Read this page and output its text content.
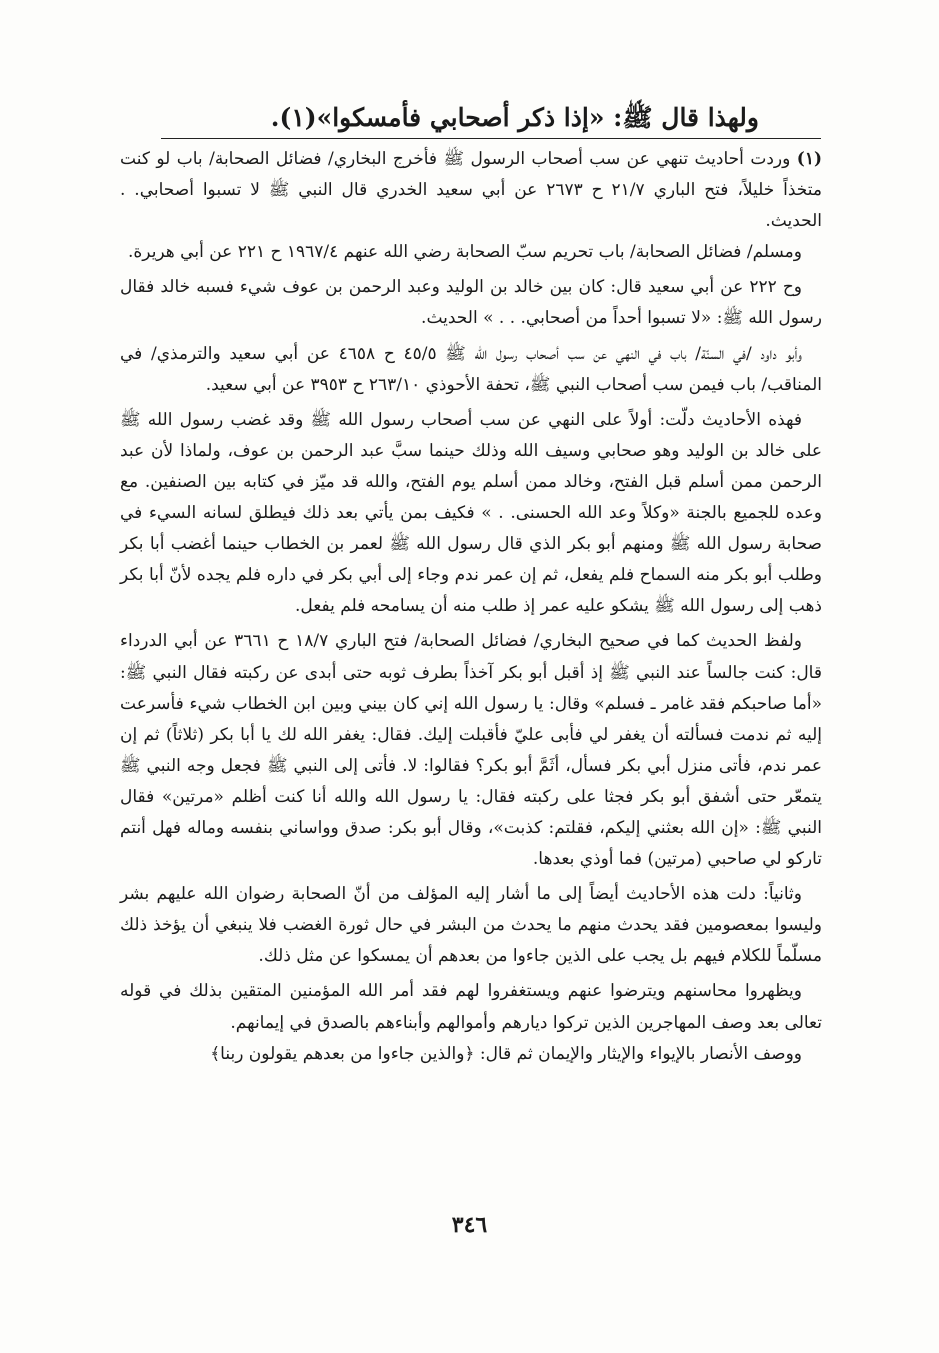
ولهذا قال ﷺ: «إذا ذكر أصحابي فأمسكوا»(١).

(١) وردت أحاديث تنهي عن سب أصحاب الرسول ﷺ فأخرج البخاري/ فضائل الصحابة/ باب لو كنت متخذاً خليلاً، فتح الباري ٢١/٧ ح ٢٦٧٣ عن أبي سعيد الخدري قال النبي ﷺ لا تسبوا أصحابي. . الحديث.

ومسلم/ فضائل الصحابة/ باب تحريم سبّ الصحابة رضي الله عنهم ١٩٦٧/٤ ح ٢٢١ عن أبي هريرة.

وح ٢٢٢ عن أبي سعيد قال: كان بين خالد بن الوليد وعبد الرحمن بن عوف شيء فسبه خالد فقال رسول الله ﷺ: «لا تسبوا أحداً من أصحابي. . . » الحديث.

وأبو داود /في السنّة/ باب في النهي عن سب أصحاب رسول الله ﷺ ٤٥/٥ ح ٤٦٥٨ عن أبي سعيد والترمذي/ في المناقب/ باب فيمن سب أصحاب النبي ﷺ، تحفة الأحوذي ٢٦٣/١٠ ح ٣٩٥٣ عن أبي سعيد.

فهذه الأحاديث دلّت: أولاً على النهي عن سب أصحاب رسول الله ﷺ وقد غضب رسول الله ﷺ على خالد بن الوليد وهو صحابي وسيف الله وذلك حينما سبَّ عبد الرحمن بن عوف، ولماذا لأن عبد الرحمن ممن أسلم قبل الفتح، وخالد ممن أسلم يوم الفتح، والله قد ميّز في كتابه بين الصنفين. مع وعده للجميع بالجنة «وكلاً وعد الله الحسنى. . » فكيف بمن يأتي بعد ذلك فيطلق لسانه السيء في صحابة رسول الله ﷺ ومنهم أبو بكر الذي قال رسول الله ﷺ لعمر بن الخطاب حينما أغضب أبا بكر وطلب أبو بكر منه السماح فلم يفعل، ثم إن عمر ندم وجاء إلى أبي بكر في داره فلم يجده لأنّ أبا بكر ذهب إلى رسول الله ﷺ يشكو عليه عمر إذ طلب منه أن يسامحه فلم يفعل.

ولفظ الحديث كما في صحيح البخاري/ فضائل الصحابة/ فتح الباري ١٨/٧ ح ٣٦٦١ عن أبي الدرداء قال: كنت جالساً عند النبي ﷺ إذ أقبل أبو بكر آخذاً بطرف ثوبه حتى أبدى عن ركبته فقال النبي ﷺ: «أما صاحبكم فقد غامر ـ فسلم» وقال: يا رسول الله إني كان بيني وبين ابن الخطاب شيء فأسرعت إليه ثم ندمت فسألته أن يغفر لي فأبى عليّ فأقبلت إليك. فقال: يغفر الله لك يا أبا بكر (ثلاثاً) ثم إن عمر ندم، فأتى منزل أبي بكر فسأل، أثَمَّ أبو بكر؟ فقالوا: لا. فأتى إلى النبي ﷺ فجعل وجه النبي ﷺ يتمعّر حتى أشفق أبو بكر فجثا على ركبته فقال: يا رسول الله والله أنا كنت أظلم «مرتين» فقال النبي ﷺ: «إن الله بعثني إليكم، فقلتم: كذبت»، وقال أبو بكر: صدق وواساني بنفسه وماله فهل أنتم تاركو لي صاحبي (مرتين) فما أوذي بعدها.

وثانياً: دلت هذه الأحاديث أيضاً إلى ما أشار إليه المؤلف من أنّ الصحابة رضوان الله عليهم بشر وليسوا بمعصومين فقد يحدث منهم ما يحدث من البشر في حال ثورة الغضب فلا ينبغي أن يؤخذ ذلك مسلّماً للكلام فيهم بل يجب على الذين جاءوا من بعدهم أن يمسكوا عن مثل ذلك.

ويظهروا محاسنهم ويترضوا عنهم ويستغفروا لهم فقد أمر الله المؤمنين المتقين بذلك في قوله تعالى بعد وصف المهاجرين الذين تركوا ديارهم وأموالهم وأبناءهم بالصدق في إيمانهم.

ووصف الأنصار بالإيواء والإيثار والإيمان ثم قال: ﴿والذين جاءوا من بعدهم يقولون ربنا﴾

٣٤٦
